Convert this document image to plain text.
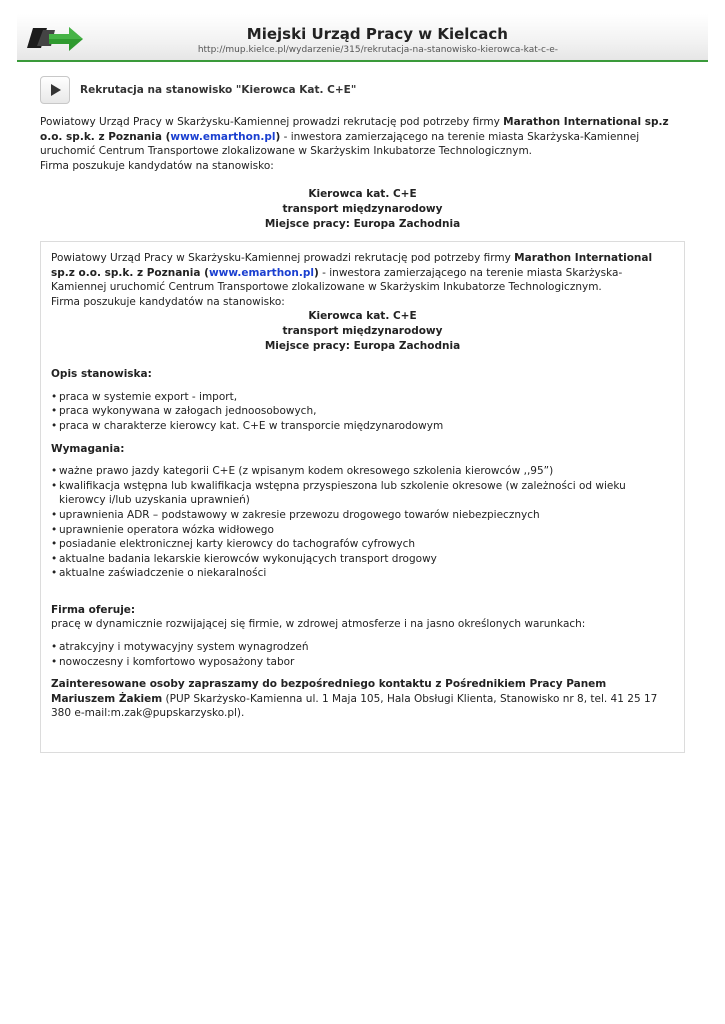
Miejski Urząd Pracy w Kielcach
http://mup.kielce.pl/wydarzenie/315/rekrutacja-na-stanowisko-kierowca-kat-c-e-
Rekrutacja na stanowisko "Kierowca Kat. C+E"

Powiatowy Urząd Pracy w Skarżysku-Kamiennej prowadzi rekrutację pod potrzeby firmy Marathon International sp.z o.o. sp.k. z Poznania (www.emarthon.pl) - inwestora zamierzającego na terenie miasta Skarżyska-Kamiennej uruchomić Centrum Transportowe zlokalizowane w Skarżyskim Inkubatorze Technologicznym.

Firma poszukuje kandydatów na stanowisko:

Kierowca kat. C+E
transport międzynarodowy
Miejsce pracy: Europa Zachodnia

Powiatowy Urząd Pracy w Skarżysku-Kamiennej prowadzi rekrutację pod potrzeby firmy Marathon International sp.z o.o. sp.k. z Poznania (www.emarthon.pl) - inwestora zamierzającego na terenie miasta Skarżyska-Kamiennej uruchomić Centrum Transportowe zlokalizowane w Skarżyskim Inkubatorze Technologicznym.

Firma poszukuje kandydatów na stanowisko:

Kierowca kat. C+E
transport międzynarodowy
Miejsce pracy: Europa Zachodnia
Opis stanowiska:
• praca w systemie export - import,
• praca wykonywana w załogach jednoosobowych,
• praca w charakterze kierowcy kat. C+E w transporcie międzynarodowym
Wymagania:
• ważne prawo jazdy kategorii C+E (z wpisanym kodem okresowego szkolenia kierowców ,,95”)
• kwalifikacja wstępna lub kwalifikacja wstępna przyspieszona lub szkolenie okresowe (w zależności od wieku kierowcy i/lub uzyskania uprawnień)
• uprawnienia ADR – podstawowy w zakresie przewozu drogowego towarów niebezpiecznych
• uprawnienie operatora wózka widłowego
• posiadanie elektronicznej karty kierowcy do tachografów cyfrowych
• aktualne badania lekarskie kierowców wykonujących transport drogowy
• aktualne zaświadczenie o niekaralności
Firma oferuje:

pracę w dynamicznie rozwijającej się firmie, w zdrowej atmosferze i na jasno określonych warunkach:

• atrakcyjny i motywacyjny system wynagrodzeń
• nowoczesny i komfortowo wyposażony tabor

Zainteresowane osoby zapraszamy do bezpośredniego kontaktu z Pośrednikiem Pracy Panem Mariuszem Żakiem (PUP Skarżysko-Kamienna ul. 1 Maja 105, Hala Obsługi Klienta, Stanowisko nr 8, tel. 41 25 17 380 e-mail:m.zak@pupskarzysko.pl).
